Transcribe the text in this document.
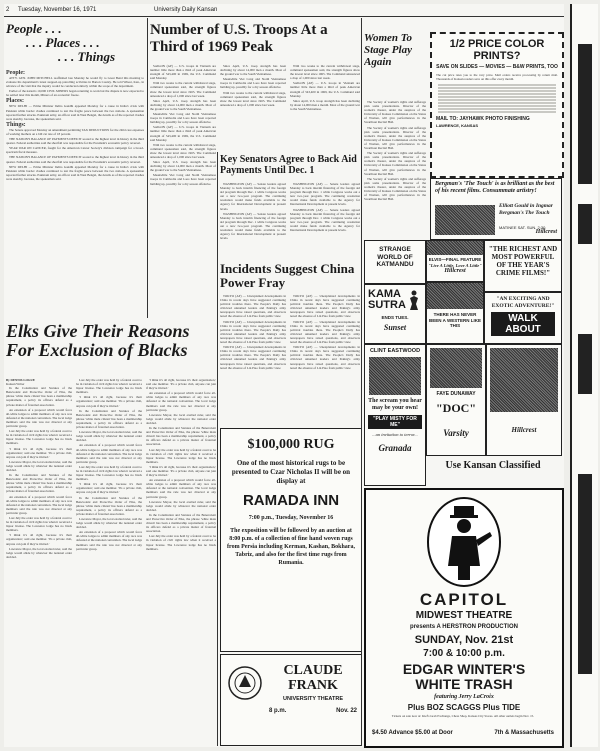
2 Tuesday, November 16, 1971	University Daily Kansan
People . . .
. . . Places . . .
. . . Things
People:

ATTY. GEN. JOHN MITCHELL reaffirmed late Monday he would fly to Great Bend this morning to evaluate his department's latest stepped-up patrolling activities in Barton County. He told Wheat, Kan., in advance of the visit that the inquiry would be conducted entirely within the scope of the department.

Earlier of the nation's 10,000 CIVIL MINERS began returning to work but the dispute is now expected to be settled later this month, Miners of an economic freeze.

Places:

NEW DELHI — Prime Minister Indira Gandhi appealed Monday for a cause in India's crisis with Pakistan while border clashes continued to test the fragile peace between the two nations. A spokesman reported further attacks. Pakistani army, an officer said in West Bengal, the details as of the reported clashes were sketchy, because, the spokesman said.

Things:

The Senate approved Monday an amendment permitting TAX DEDUCTIONS for the child care expenses of working mothers on a bill cut rate of 18 percent.

THE NATION'S BALANCE OF PAYMENTS DEFICIT soared to the highest level in history in the third quarter. Federal authorities said the shortfall was responsible for the President's economic policy reversal.

YEAR WAR ON CANCER, fought for the American Cancer Society's division campaign for a broad-spectrum fiscal measure.

THE NATION'S BALANCE OF PAYMENTS DEFICIT soared to the highest level in history in the third quarter. Federal authorities said the shortfall was responsible for the President's economic policy reversal.

NEW DELHI — Prime Minister Indira Gandhi appealed Monday for a cause in India's crisis with Pakistan while border clashes continued to test the fragile peace between the two nations. A spokesman reported further attacks. Pakistani army, an officer said in West Bengal, the details as of the reported clashes were sketchy, because, the spokesman said.

Elks Give Their Reasons For Exclusion of Blacks
By DENNIS LOGUE
Kansan Writer

In the Constitution and Statutes of the Benevolent and Protective Order of Elks, the phrase 'white male citizen' has been a membership requirement, a policy its officers defend as a private matter of fraternal association.

An extension of a proposal which would force all-white lodges to admit members of any race was defeated at the national convention. The local lodge members said the rule was not directed at any particular group.

Last July the order was held by a federal court to be in violation of civil rights law when it received a liquor license. The Lawrence lodge has no black members.

'I think it's all right, because it's their organization,' said one member. 'It's a private club, anyone can join if they're invited.'

Lawrence Mayor, the local exalted ruler, said the lodge would abide by whatever the national order decided.

In the Constitution and Statutes of the Benevolent and Protective Order of Elks, the phrase 'white male citizen' has been a membership requirement, a policy its officers defend as a private matter of fraternal association.

An extension of a proposal which would force all-white lodges to admit members of any race was defeated at the national convention. The local lodge members said the rule was not directed at any particular group.

Last July the order was held by a federal court to be in violation of civil rights law when it received a liquor license. The Lawrence lodge has no black members.

'I think it's all right, because it's their organization,' said one member. 'It's a private club, anyone can join if they're invited.'

Lawrence Mayor, the local exalted ruler, said the lodge would abide by whatever the national order decided.

Last July the order was held by a federal court to be in violation of civil rights law when it received a liquor license. The Lawrence lodge has no black members.

'I think it's all right, because it's their organization,' said one member. 'It's a private club, anyone can join if they're invited.'

In the Constitution and Statutes of the Benevolent and Protective Order of Elks, the phrase 'white male citizen' has been a membership requirement, a policy its officers defend as a private matter of fraternal association.

Lawrence Mayor, the local exalted ruler, said the lodge would abide by whatever the national order decided.

An extension of a proposal which would force all-white lodges to admit members of any race was defeated at the national convention. The local lodge members said the rule was not directed at any particular group.

Last July the order was held by a federal court to be in violation of civil rights law when it received a liquor license. The Lawrence lodge has no black members.

'I think it's all right, because it's their organization,' said one member. 'It's a private club, anyone can join if they're invited.'

In the Constitution and Statutes of the Benevolent and Protective Order of Elks, the phrase 'white male citizen' has been a membership requirement, a policy its officers defend as a private matter of fraternal association.

Lawrence Mayor, the local exalted ruler, said the lodge would abide by whatever the national order decided.

An extension of a proposal which would force all-white lodges to admit members of any race was defeated at the national convention. The local lodge members said the rule was not directed at any particular group.

'I think it's all right, because it's their organization,' said one member. 'It's a private club, anyone can join if they're invited.'

An extension of a proposal which would force all-white lodges to admit members of any race was defeated at the national convention. The local lodge members said the rule was not directed at any particular group.

Lawrence Mayor, the local exalted ruler, said the lodge would abide by whatever the national order decided.

In the Constitution and Statutes of the Benevolent and Protective Order of Elks, the phrase 'white male citizen' has been a membership requirement, a policy its officers defend as a private matter of fraternal association.

Last July the order was held by a federal court to be in violation of civil rights law when it received a liquor license. The Lawrence lodge has no black members.

'I think it's all right, because it's their organization,' said one member. 'It's a private club, anyone can join if they're invited.'

An extension of a proposal which would force all-white lodges to admit members of any race was defeated at the national convention. The local lodge members said the rule was not directed at any particular group.

Lawrence Mayor, the local exalted ruler, said the lodge would abide by whatever the national order decided.

In the Constitution and Statutes of the Benevolent and Protective Order of Elks, the phrase 'white male citizen' has been a membership requirement, a policy its officers defend as a private matter of fraternal association.

Last July the order was held by a federal court to be in violation of civil rights law when it received a liquor license. The Lawrence lodge has no black members.

Number of U.S. Troops At a Third of 1969 Peak

SAIGON (AP) — U.S. troops in Vietnam are number little more than a third of peak American strength of 543,400 in 1969, the U.S. Command said Monday.

With two weeks to the current withdrawal stage, command spokesmen said, the strength figures show the lowest level since 1965. The Command announced a drop of 1,000 since last week.

Since April, U.S. troop strength has been declining by about 14,000 men a month. Most of the ground war to the South Vietnamese.

Meanwhile Viet Cong and North Vietnamese troops in Cambodia and Laos have been reported building up, possibly for a dry season offensive.

SAIGON (AP) — U.S. troops in Vietnam are number little more than a third of peak American strength of 543,400 in 1969, the U.S. Command said Monday.

With two weeks to the current withdrawal stage, command spokesmen said, the strength figures show the lowest level since 1965. The Command announced a drop of 1,000 since last week.

Since April, U.S. troop strength has been declining by about 14,000 men a month. Most of the ground war to the South Vietnamese.

Meanwhile Viet Cong and North Vietnamese troops in Cambodia and Laos have been reported building up, possibly for a dry season offensive.

Since April, U.S. troop strength has been declining by about 14,000 men a month. Most of the ground war to the South Vietnamese.

Meanwhile Viet Cong and North Vietnamese troops in Cambodia and Laos have been reported building up, possibly for a dry season offensive.

With two weeks to the current withdrawal stage, command spokesmen said, the strength figures show the lowest level since 1965. The Command announced a drop of 1,000 since last week.

With two weeks to the current withdrawal stage, command spokesmen said, the strength figures show the lowest level since 1965. The Command announced a drop of 1,000 since last week.

SAIGON (AP) — U.S. troops in Vietnam are number little more than a third of peak American strength of 543,400 in 1969, the U.S. Command said Monday.

Since April, U.S. troop strength has been declining by about 14,000 men a month. Most of the ground war to the South Vietnamese.

Key Senators Agree to Back Aid Payments Until Dec. 1

WASHINGTON (AP) — Senate leaders agreed Monday to back interim financing of the foreign aid program through Dec. 1 while Congress works out a new two-year program. The continuing resolution would make funds available to the Agency for International Development at present levels.

WASHINGTON (AP) — Senate leaders agreed Monday to back interim financing of the foreign aid program through Dec. 1 while Congress works out a new two-year program. The continuing resolution would make funds available to the Agency for International Development at present levels.

WASHINGTON (AP) — Senate leaders agreed Monday to back interim financing of the foreign aid program through Dec. 1 while Congress works out a new two-year program. The continuing resolution would make funds available to the Agency for International Development at present levels.

WASHINGTON (AP) — Senate leaders agreed Monday to back interim financing of the foreign aid program through Dec. 1 while Congress works out a new two-year program. The continuing resolution would make funds available to the Agency for International Development at present levels.

Incidents Suggest China Power Fray

TOKYO (AP) — Unexplained developments in China in recent days have suggested continuing political troubles there. The People's Daily has criticized unnamed leaders and Peking's army newspapers have raised questions, and observers noted the absence of Lin Piao from public view.

TOKYO (AP) — Unexplained developments in China in recent days have suggested continuing political troubles there. The People's Daily has criticized unnamed leaders and Peking's army newspapers have raised questions, and observers noted the absence of Lin Piao from public view.

TOKYO (AP) — Unexplained developments in China in recent days have suggested continuing political troubles there. The People's Daily has criticized unnamed leaders and Peking's army newspapers have raised questions, and observers noted the absence of Lin Piao from public view.

TOKYO (AP) — Unexplained developments in China in recent days have suggested continuing political troubles there. The People's Daily has criticized unnamed leaders and Peking's army newspapers have raised questions, and observers noted the absence of Lin Piao from public view.

TOKYO (AP) — Unexplained developments in China in recent days have suggested continuing political troubles there. The People's Daily has criticized unnamed leaders and Peking's army newspapers have raised questions, and observers noted the absence of Lin Piao from public view.

TOKYO (AP) — Unexplained developments in China in recent days have suggested continuing political troubles there. The People's Daily has criticized unnamed leaders and Peking's army newspapers have raised questions, and observers noted the absence of Lin Piao from public view.

$100,000 RUG
One of the most historical rugs to be presented to Czar Nicholas II will be on display at
RAMADA INN
7:00 p.m., Tuesday, November 16
The exposition will be followed by an auction at 8:00 p.m. of a collection of fine hand woven rugs from Persia including Kerman, Kashan, Bokhara, Tabriz, and also for the first time rugs from Rumania.
CLAUDE
FRANK
UNIVERSITY THEATRE
8 p.m.	Nov. 22
Women To Stage Play Again

The Society of women's rights and sufferage plan some presentations. Director of the women's theater, under the auspices of the University of Kansas Commission on the Status of Women, will give performances in the Swarthout Recital Hall.

The Society of women's rights and sufferage plan some presentations. Director of the women's theater, under the auspices of the University of Kansas Commission on the Status of Women, will give performances in the Swarthout Recital Hall.

The Society of women's rights and sufferage plan some presentations. Director of the women's theater, under the auspices of the University of Kansas Commission on the Status of Women, will give performances in the Swarthout Recital Hall.

The Society of women's rights and sufferage plan some presentations. Director of the women's theater, under the auspices of the University of Kansas Commission on the Status of Women, will give performances in the Swarthout Recital Hall.

1/2 PRICE COLOR PRINTS?
SAVE ON SLIDES — MOVIES — B&W PRINTS, TOO
The cut price rates you to the very price. Mail orders receive processing by return mail. Thousands of Kansan readers save on this offer every month.
MAIL TO: JAYHAWK PHOTO FINISHING
LAWRENCE, KANSAS
Bergman's 'The Touch' is as brilliant as the best of his recent films. Consummate artistry!
Elliott Gould in Ingmar Bergman's The Touch
MATINEE SAT. SUN. 2:30
Hillcrest
STRANGE
WORLD OF
KATMANDU
KAMA
SUTRA
ENDS TUES.
Sunset
ELVIS—FINAL FEATURE
"Live A Little, Love A Little"
Hillcrest
THERE HAS NEVER BEEN A WESTERN LIKE THIS
"THE RICHEST AND MOST POWERFUL OF THE YEAR'S CRIME FILMS!"
"AN EXCITING AND EXOTIC ADVENTURE!"
WALK ABOUT
CLINT EASTWOOD
The scream you hear may be your own!
"PLAY MISTY FOR ME"
...an invitation to terror...
Granada
FAYE DUNAWAY
"DOC"
Varsity	Hillcrest
Use Kansan Classified
CAPITOL
MIDWEST THEATRE
presents A HERSTRON PRODUCTION
SUNDAY, Nov. 21st
7:00 & 10:00 p.m.
EDGAR WINTER'S
WHITE TRASH
featuring Jerry LaCroix
Plus BOZ SCAGGS Plus TIDE
Tickets on sale now at: Kief's Grab Exchange, Chess Shop, Kansas City Stores. All other outlets begin Nov. 15.
$4.50 Advance $5.00 at Door	7th & Massachusetts
